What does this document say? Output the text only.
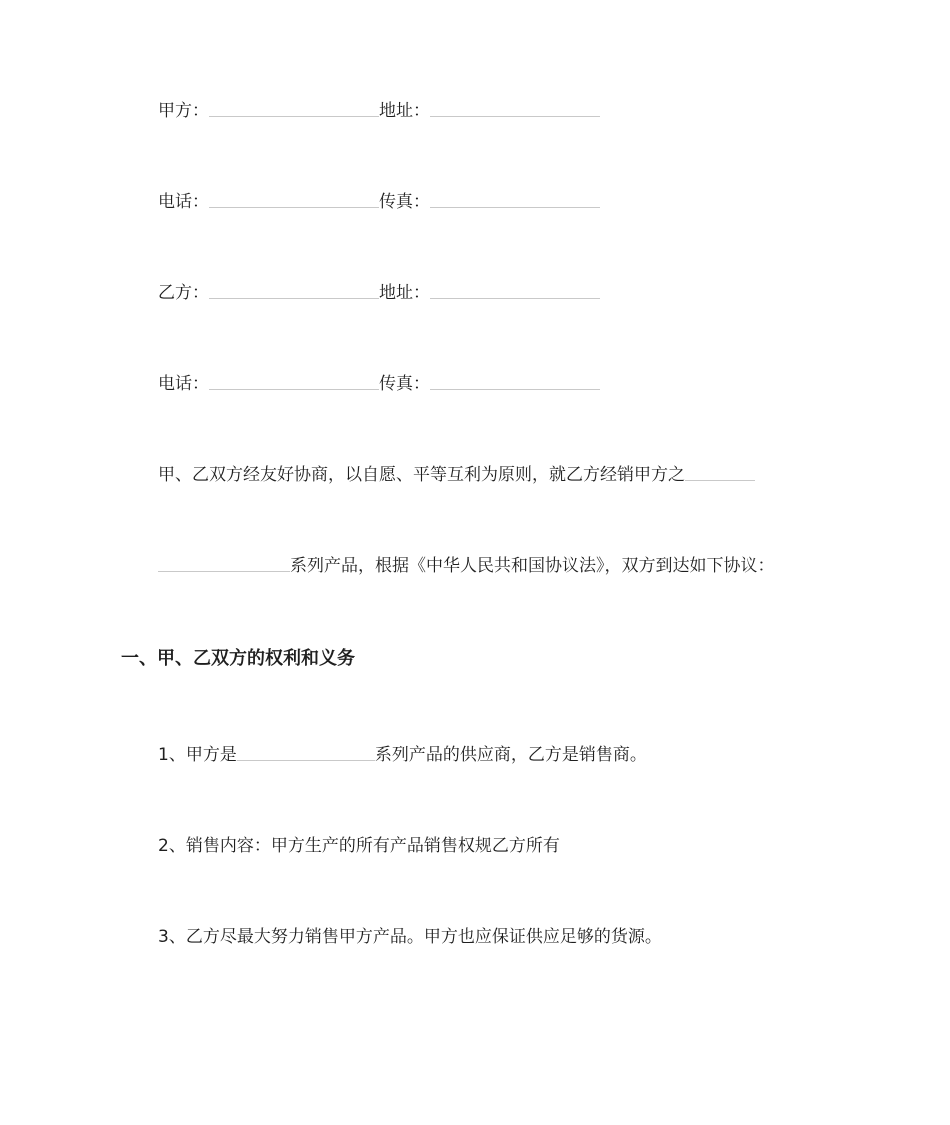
甲方：	地址：
电话：	传真：
乙方：	地址：
电话：	传真：
甲、乙双方经友好协商，以自愿、平等互利为原则，就乙方经销甲方之
系列产品，根据《中华人民共和国协议法》，双方到达如下协议：
一、甲、乙双方的权利和义务
1、甲方是	系列产品的供应商，乙方是销售商。
2、销售内容：甲方生产的所有产品销售权规乙方所有
3、乙方尽最大努力销售甲方产品。甲方也应保证供应足够的货源。
